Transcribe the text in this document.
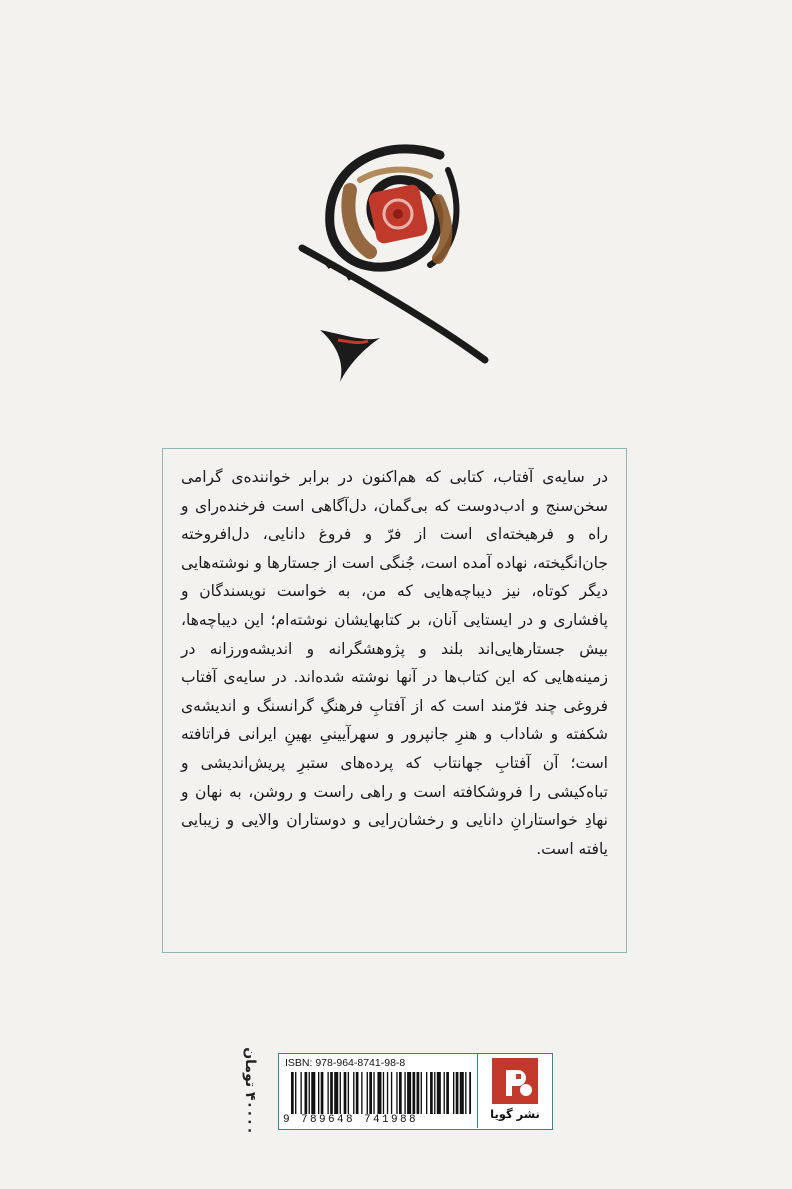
در سایه‌ی آفتاب، کتابی که هم‌اکنون در برابر خواننده‌ی گرامی سخن‌سنج و ادب‌دوست که بی‌گمان، دل‌آگاهی است فرخنده‌رای و راه و فرهیخته‌ای است از فرّ و فروغ دانایی، دل‌افروخته جان‌انگیخته، نهاده آمده است، جُنگی است از جستارها و نوشته‌هایی دیگر کوتاه، نیز دیباچه‌هایی که من، به خواست نویسندگان و پافشاری و در ایستایی آنان، بر کتابهایشان نوشته‌ام؛ این دیباچه‌ها، بیش جستارهایی‌اند بلند و پژوهشگرانه و اندیشه‌ورزانه در زمینه‌هایی که این کتاب‌ها در آنها نوشته شده‌اند. در سایه‌ی آفتاب فروغی چند فرّمند است که از آفتابِ فرهنگِ گرانسنگ و اندیشه‌ی شکفته و شاداب و هنرِ جانپرور و سهرآیینیِ بهینِ ایرانی فراتافته است؛ آن آفتابِ جهانتاب که پرده‌های ستبرِ پریش‌اندیشی و تباه‌کیشی را فروشکافته است و راهی راست و روشن، به نهان و نهادِ خواستارانِ دانایی و رخشان‌رایی و دوستاران والایی و زیبایی یافته است.

۴۰۰۰۰ تومان	ISBN: 978-964-8741-98-8
9 789648 741988	نشر گویا
